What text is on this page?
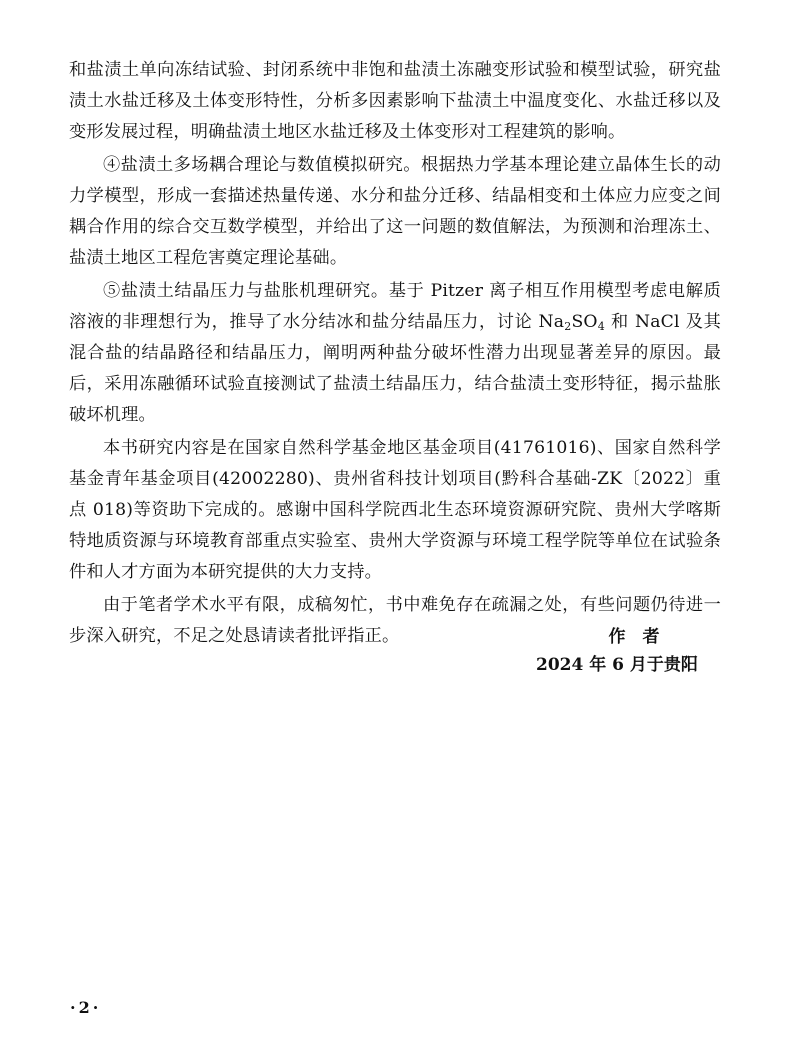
和盐渍土单向冻结试验、封闭系统中非饱和盐渍土冻融变形试验和模型试验，研究盐渍土水盐迁移及土体变形特性，分析多因素影响下盐渍土中温度变化、水盐迁移以及变形发展过程，明确盐渍土地区水盐迁移及土体变形对工程建筑的影响。

④盐渍土多场耦合理论与数值模拟研究。根据热力学基本理论建立晶体生长的动力学模型，形成一套描述热量传递、水分和盐分迁移、结晶相变和土体应力应变之间耦合作用的综合交互数学模型，并给出了这一问题的数值解法，为预测和治理冻土、盐渍土地区工程危害奠定理论基础。

⑤盐渍土结晶压力与盐胀机理研究。基于 Pitzer 离子相互作用模型考虑电解质溶液的非理想行为，推导了水分结冰和盐分结晶压力，讨论 $Na_2SO_4$ 和 NaCl 及其混合盐的结晶路径和结晶压力，阐明两种盐分破坏性潜力出现显著差异的原因。最后，采用冻融循环试验直接测试了盐渍土结晶压力，结合盐渍土变形特征，揭示盐胀破坏机理。

本书研究内容是在国家自然科学基金地区基金项目(41761016)、国家自然科学基金青年基金项目(42002280)、贵州省科技计划项目(黔科合基础-ZK〔2022〕重点 018)等资助下完成的。感谢中国科学院西北生态环境资源研究院、贵州大学喀斯特地质资源与环境教育部重点实验室、贵州大学资源与环境工程学院等单位在试验条件和人才方面为本研究提供的大力支持。

由于笔者学术水平有限，成稿匆忙，书中难免存在疏漏之处，有些问题仍待进一步深入研究，不足之处恳请读者批评指正。	作　者

2024 年 6 月于贵阳

·2·
